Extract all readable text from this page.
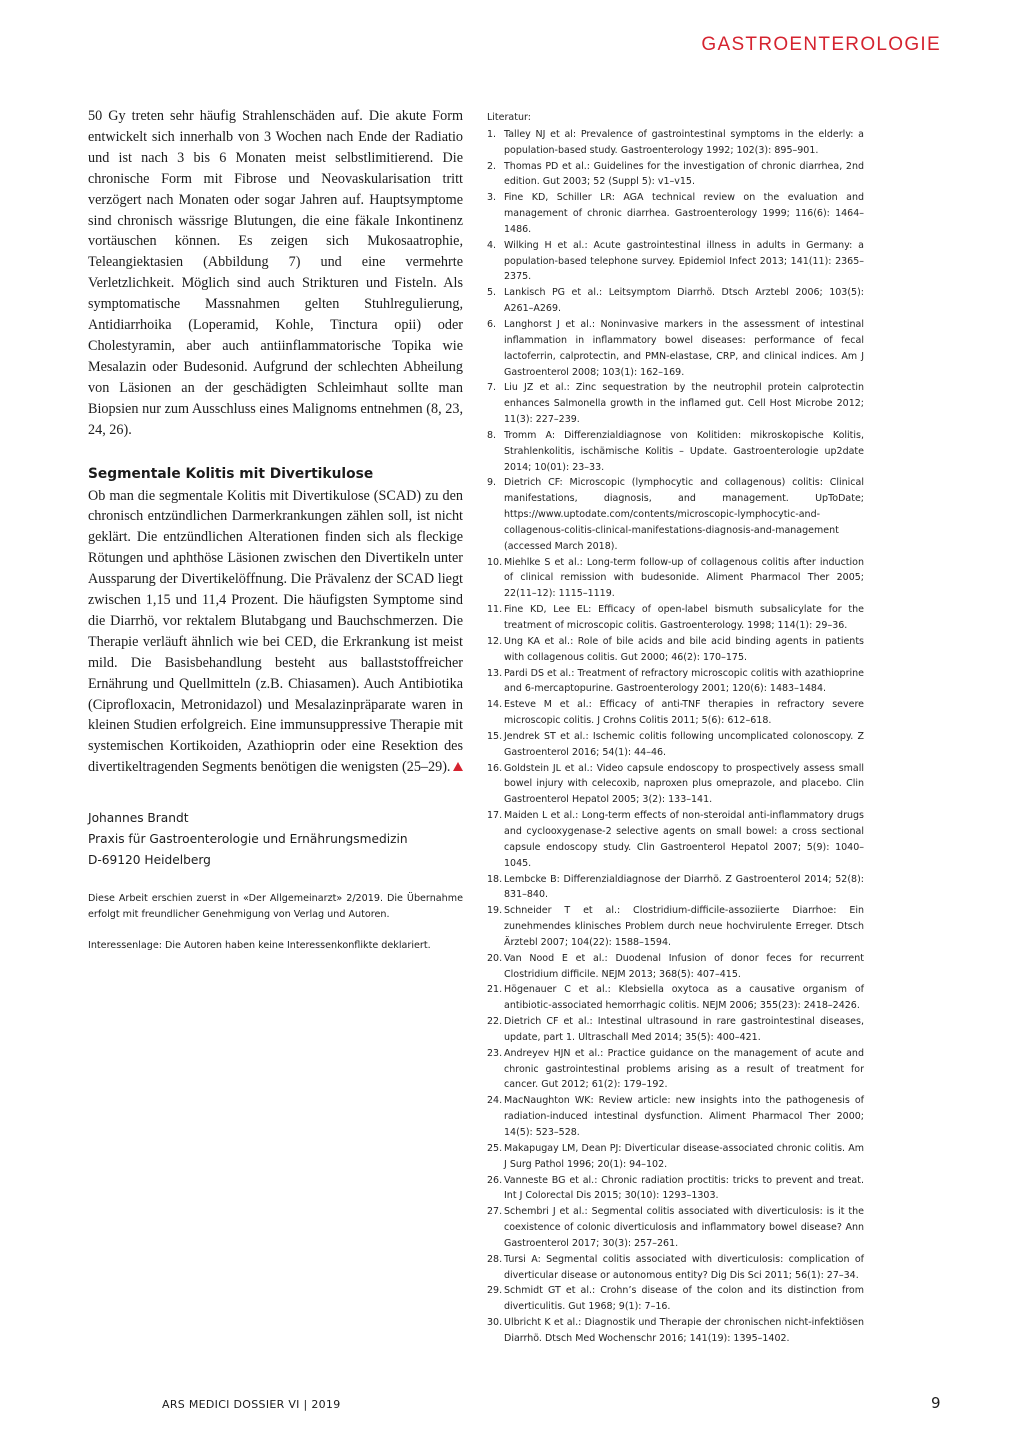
GASTROENTEROLOGIE

50 Gy treten sehr häufig Strahlenschäden auf. Die akute Form entwickelt sich innerhalb von 3 Wochen nach Ende der Radiatio und ist nach 3 bis 6 Monaten meist selbstlimitierend. Die chronische Form mit Fibrose und Neovaskularisation tritt verzögert nach Monaten oder sogar Jahren auf. Hauptsymptome sind chronisch wässrige Blutungen, die eine fäkale Inkontinenz vortäuschen können. Es zeigen sich Mukosaatrophie, Teleangiektasien (Abbildung 7) und eine vermehrte Verletzlichkeit. Möglich sind auch Strikturen und Fisteln. Als symptomatische Massnahmen gelten Stuhlregulierung, Antidiarrhoika (Loperamid, Kohle, Tinctura opii) oder Cholestyramin, aber auch antiinflammatorische Topika wie Mesalazin oder Budesonid. Aufgrund der schlechten Abheilung von Läsionen an der geschädigten Schleimhaut sollte man Biopsien nur zum Ausschluss eines Malignoms entnehmen (8, 23, 24, 26).

Segmentale Kolitis mit Divertikulose

Ob man die segmentale Kolitis mit Divertikulose (SCAD) zu den chronisch entzündlichen Darmerkrankungen zählen soll, ist nicht geklärt. Die entzündlichen Alterationen finden sich als fleckige Rötungen und aphthöse Läsionen zwischen den Divertikeln unter Aussparung der Divertikelöffnung. Die Prävalenz der SCAD liegt zwischen 1,15 und 11,4 Prozent. Die häufigsten Symptome sind die Diarrhö, vor rektalem Blutabgang und Bauchschmerzen. Die Therapie verläuft ähnlich wie bei CED, die Erkrankung ist meist mild. Die Basisbehandlung besteht aus ballaststoffreicher Ernährung und Quellmitteln (z.B. Chiasamen). Auch Antibiotika (Ciprofloxacin, Metronidazol) und Mesalazinpräparate waren in kleinen Studien erfolgreich. Eine immunsuppressive Therapie mit systemischen Kortikoiden, Azathioprin oder eine Resektion des divertikeltragenden Segments benötigen die wenigsten (25–29).

Johannes Brandt
Praxis für Gastroenterologie und Ernährungsmedizin
D-69120 Heidelberg
Diese Arbeit erschien zuerst in «Der Allgemeinarzt» 2/2019. Die Übernahme erfolgt mit freundlicher Genehmigung von Verlag und Autoren.
Interessenlage: Die Autoren haben keine Interessenkonflikte deklariert.
Literatur:
1. Talley NJ et al: Prevalence of gastrointestinal symptoms in the elderly: a population-based study. Gastroenterology 1992; 102(3): 895–901.
2. Thomas PD et al.: Guidelines for the investigation of chronic diarrhea, 2nd edition. Gut 2003; 52 (Suppl 5): v1–v15.
3. Fine KD, Schiller LR: AGA technical review on the evaluation and management of chronic diarrhea. Gastroenterology 1999; 116(6): 1464–1486.
4. Wilking H et al.: Acute gastrointestinal illness in adults in Germany: a population-based telephone survey. Epidemiol Infect 2013; 141(11): 2365–2375.
5. Lankisch PG et al.: Leitsymptom Diarrhö. Dtsch Arztebl 2006; 103(5): A261–A269.
6. Langhorst J et al.: Noninvasive markers in the assessment of intestinal inflammation in inflammatory bowel diseases: performance of fecal lactoferrin, calprotectin, and PMN-elastase, CRP, and clinical indices. Am J Gastroenterol 2008; 103(1): 162–169.
7. Liu JZ et al.: Zinc sequestration by the neutrophil protein calprotectin enhances Salmonella growth in the inflamed gut. Cell Host Microbe 2012; 11(3): 227–239.
8. Tromm A: Differenzialdiagnose von Kolitiden: mikroskopische Kolitis, Strahlenkolitis, ischämische Kolitis – Update. Gastroenterologie up2date 2014; 10(01): 23–33.
9. Dietrich CF: Microscopic (lymphocytic and collagenous) colitis: Clinical manifestations, diagnosis, and management. UpToDate; https://www.uptodate.com/contents/microscopic-lymphocytic-and-collagenous-colitis-clinical-manifestations-diagnosis-and-management (accessed March 2018).
10. Miehlke S et al.: Long-term follow-up of collagenous colitis after induction of clinical remission with budesonide. Aliment Pharmacol Ther 2005; 22(11–12): 1115–1119.
11. Fine KD, Lee EL: Efficacy of open-label bismuth subsalicylate for the treatment of microscopic colitis. Gastroenterology. 1998; 114(1): 29–36.
12. Ung KA et al.: Role of bile acids and bile acid binding agents in patients with collagenous colitis. Gut 2000; 46(2): 170–175.
13. Pardi DS et al.: Treatment of refractory microscopic colitis with azathioprine and 6-mercaptopurine. Gastroenterology 2001; 120(6): 1483–1484.
14. Esteve M et al.: Efficacy of anti-TNF therapies in refractory severe microscopic colitis. J Crohns Colitis 2011; 5(6): 612–618.
15. Jendrek ST et al.: Ischemic colitis following uncomplicated colonoscopy. Z Gastroenterol 2016; 54(1): 44–46.
16. Goldstein JL et al.: Video capsule endoscopy to prospectively assess small bowel injury with celecoxib, naproxen plus omeprazole, and placebo. Clin Gastroenterol Hepatol 2005; 3(2): 133–141.
17. Maiden L et al.: Long-term effects of non-steroidal anti-inflammatory drugs and cyclooxygenase-2 selective agents on small bowel: a cross sectional capsule endoscopy study. Clin Gastroenterol Hepatol 2007; 5(9): 1040–1045.
18. Lembcke B: Differenzialdiagnose der Diarrhö. Z Gastroenterol 2014; 52(8): 831–840.
19. Schneider T et al.: Clostridium-difficile-assoziierte Diarrhoe: Ein zunehmendes klinisches Problem durch neue hochvirulente Erreger. Dtsch Ärztebl 2007; 104(22): 1588–1594.
20. Van Nood E et al.: Duodenal Infusion of donor feces for recurrent Clostridium difficile. NEJM 2013; 368(5): 407–415.
21. Högenauer C et al.: Klebsiella oxytoca as a causative organism of antibiotic-associated hemorrhagic colitis. NEJM 2006; 355(23): 2418–2426.
22. Dietrich CF et al.: Intestinal ultrasound in rare gastrointestinal diseases, update, part 1. Ultraschall Med 2014; 35(5): 400–421.
23. Andreyev HJN et al.: Practice guidance on the management of acute and chronic gastrointestinal problems arising as a result of treatment for cancer. Gut 2012; 61(2): 179–192.
24. MacNaughton WK: Review article: new insights into the pathogenesis of radiation-induced intestinal dysfunction. Aliment Pharmacol Ther 2000; 14(5): 523–528.
25. Makapugay LM, Dean PJ: Diverticular disease-associated chronic colitis. Am J Surg Pathol 1996; 20(1): 94–102.
26. Vanneste BG et al.: Chronic radiation proctitis: tricks to prevent and treat. Int J Colorectal Dis 2015; 30(10): 1293–1303.
27. Schembri J et al.: Segmental colitis associated with diverticulosis: is it the coexistence of colonic diverticulosis and inflammatory bowel disease? Ann Gastroenterol 2017; 30(3): 257–261.
28. Tursi A: Segmental colitis associated with diverticulosis: complication of diverticular disease or autonomous entity? Dig Dis Sci 2011; 56(1): 27–34.
29. Schmidt GT et al.: Crohn’s disease of the colon and its distinction from diverticulitis. Gut 1968; 9(1): 7–16.
30. Ulbricht K et al.: Diagnostik und Therapie der chronischen nicht-infektiösen Diarrhö. Dtsch Med Wochenschr 2016; 141(19): 1395–1402.
ARS MEDICI DOSSIER VI | 2019	9
